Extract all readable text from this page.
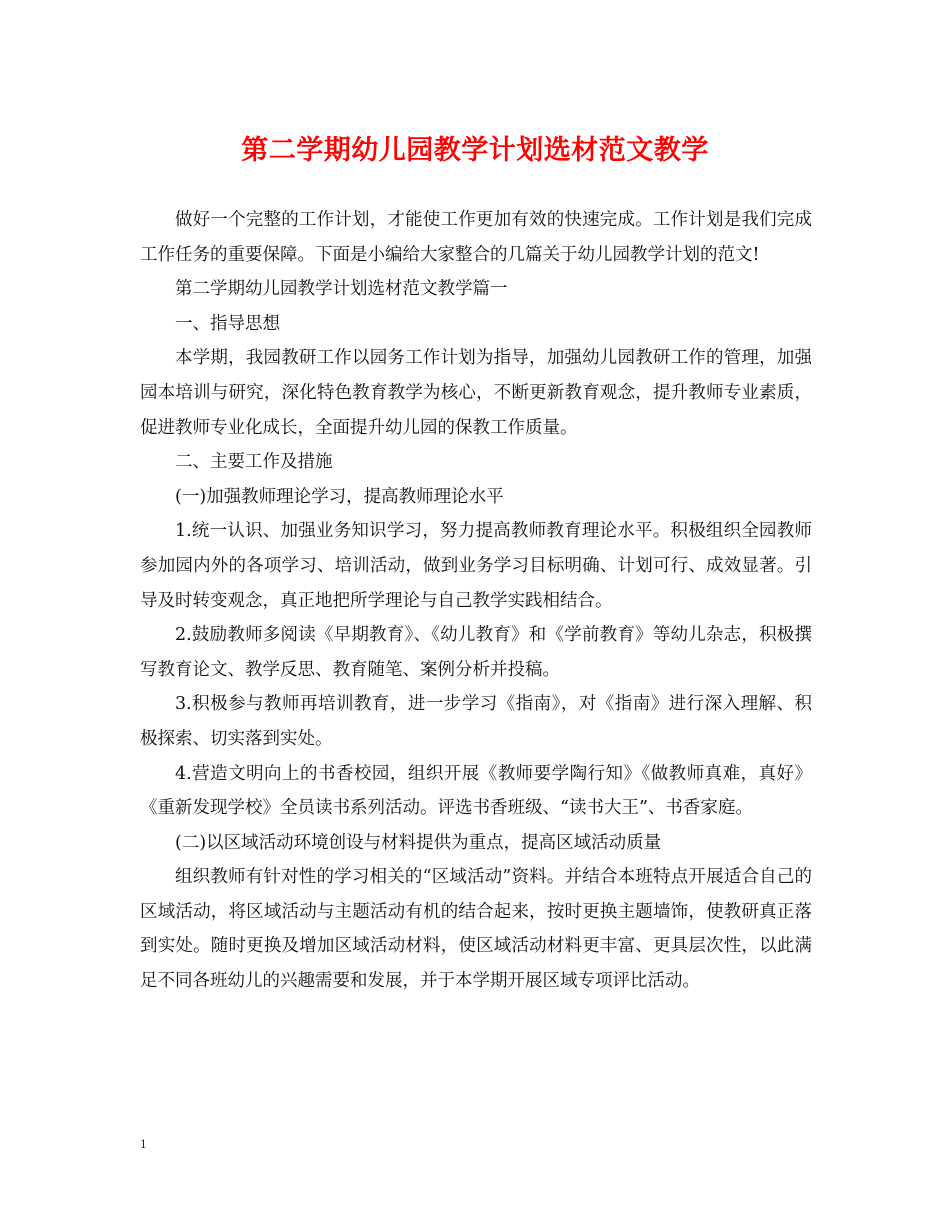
第二学期幼儿园教学计划选材范文教学

做好一个完整的工作计划，才能使工作更加有效的快速完成。工作计划是我们完成工作任务的重要保障。下面是小编给大家整合的几篇关于幼儿园教学计划的范文!

第二学期幼儿园教学计划选材范文教学篇一

一、指导思想

本学期，我园教研工作以园务工作计划为指导，加强幼儿园教研工作的管理，加强园本培训与研究，深化特色教育教学为核心，不断更新教育观念，提升教师专业素质，促进教师专业化成长，全面提升幼儿园的保教工作质量。

二、主要工作及措施

(一)加强教师理论学习，提高教师理论水平

1.统一认识、加强业务知识学习，努力提高教师教育理论水平。积极组织全园教师参加园内外的各项学习、培训活动，做到业务学习目标明确、计划可行、成效显著。引导及时转变观念，真正地把所学理论与自己教学实践相结合。

2.鼓励教师多阅读《早期教育》、《幼儿教育》和《学前教育》等幼儿杂志，积极撰写教育论文、教学反思、教育随笔、案例分析并投稿。

3.积极参与教师再培训教育，进一步学习《指南》，对《指南》进行深入理解、积极探索、切实落到实处。

4.营造文明向上的书香校园，组织开展《教师要学陶行知》《做教师真难，真好》《重新发现学校》全员读书系列活动。评选书香班级、“读书大王”、书香家庭。

(二)以区域活动环境创设与材料提供为重点，提高区域活动质量

组织教师有针对性的学习相关的“区域活动”资料。并结合本班特点开展适合自己的区域活动，将区域活动与主题活动有机的结合起来，按时更换主题墙饰，使教研真正落到实处。随时更换及增加区域活动材料，使区域活动材料更丰富、更具层次性，以此满足不同各班幼儿的兴趣需要和发展，并于本学期开展区域专项评比活动。

1
